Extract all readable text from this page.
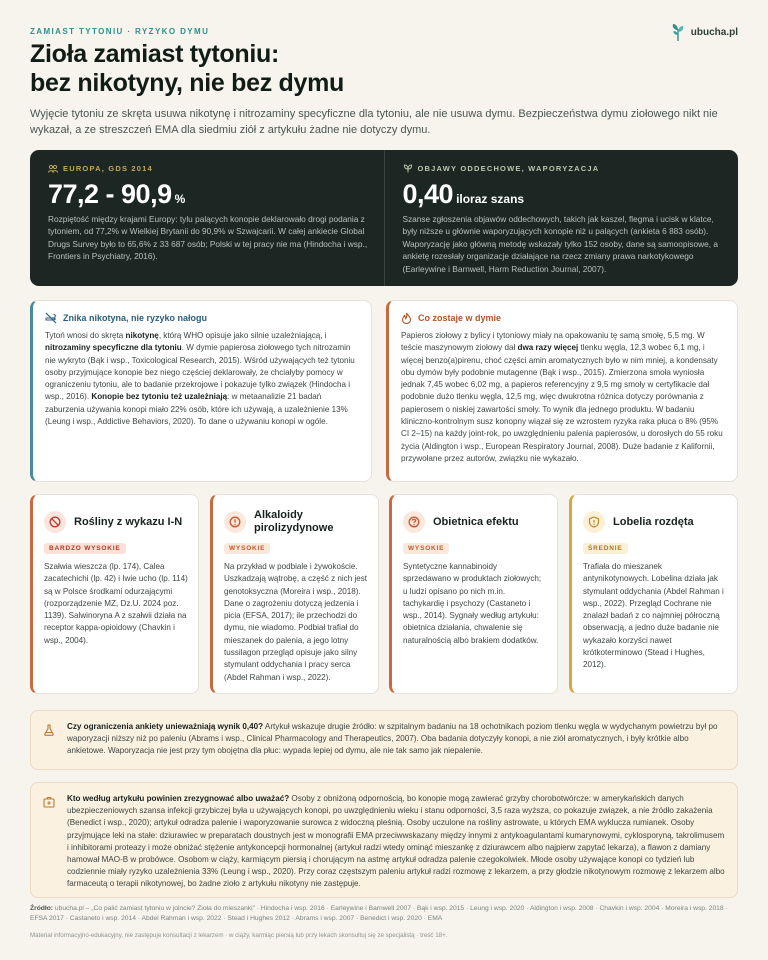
ZAMIAST TYTONIU · RYZYKO DYMU	ubucha.pl
Zioła zamiast tytoniu:
bez nikotyny, nie bez dymu

Wyjęcie tytoniu ze skręta usuwa nikotynę i nitrozaminy specyficzne dla tytoniu, ale nie usuwa dymu. Bezpieczeństwa dymu ziołowego nikt nie wykazał, a ze streszczeń EMA dla siedmiu ziół z artykułu żadne nie dotyczy dymu.

EUROPA, GDS 2014
77,2 - 90,9 %

Rozpiętość między krajami Europy: tylu palących konopie deklarowało drogi podania z tytoniem, od 77,2% w Wielkiej Brytanii do 90,9% w Szwajcarii. W całej ankiecie Global Drugs Survey było to 65,6% z 33 687 osób; Polski w tej pracy nie ma (Hindocha i wsp., Frontiers in Psychiatry, 2016).

OBJAWY ODDECHOWE, WAPORYZACJA
0,40 iloraz szans

Szanse zgłoszenia objawów oddechowych, takich jak kaszel, flegma i ucisk w klatce, były niższe u głównie waporyzujących konopie niż u palących (ankieta 6 883 osób). Waporyzację jako główną metodę wskazały tylko 152 osoby, dane są samoopisowe, a ankietę rozesłały organizacje działające na rzecz zmiany prawa narkotykowego (Earleywine i Barnwell, Harm Reduction Journal, 2007).

Znika nikotyna, nie ryzyko nałogu

Tytoń wnosi do skręta nikotynę, którą WHO opisuje jako silnie uzależniającą, i nitrozaminy specyficzne dla tytoniu. W dymie papierosa ziołowego tych nitrozamin nie wykryto (Bąk i wsp., Toxicological Research, 2015). Wśród używających też tytoniu osoby przyjmujące konopie bez niego częściej deklarowały, że chciałyby pomocy w ograniczeniu tytoniu, ale to badanie przekrojowe i pokazuje tylko związek (Hindocha i wsp., 2016). Konopie bez tytoniu też uzależniają: w metaanalizie 21 badań zaburzenia używania konopi miało 22% osób, które ich używają, a uzależnienie 13% (Leung i wsp., Addictive Behaviors, 2020). To dane o używaniu konopi w ogóle.

Co zostaje w dymie

Papieros ziołowy z bylicy i tytoniowy miały na opakowaniu tę samą smołę, 5,5 mg. W teście maszynowym ziołowy dał dwa razy więcej tlenku węgla, 12,3 wobec 6,1 mg, i więcej benzo(a)pirenu, choć części amin aromatycznych było w nim mniej, a kondensaty obu dymów były podobnie mutagenne (Bąk i wsp., 2015). Zmierzona smoła wyniosła jednak 7,45 wobec 6,02 mg, a papieros referencyjny z 9,5 mg smoły w certyfikacie dał podobnie dużo tlenku węgla, 12,5 mg, więc dwukrotna różnica dotyczy porównania z papierosem o niskiej zawartości smoły. To wynik dla jednego produktu. W badaniu kliniczno-kontrolnym susz konopny wiązał się ze wzrostem ryzyka raka płuca o 8% (95% CI 2–15) na każdy joint-rok, po uwzględnieniu palenia papierosów, u dorosłych do 55 roku życia (Aldington i wsp., European Respiratory Journal, 2008). Duże badanie z Kalifornii, przywołane przez autorów, związku nie wykazało.

Rośliny z wykazu I-N
BARDZO WYSOKIE

Szałwia wieszcza (lp. 174), Calea zacatechichi (lp. 42) i Iwie ucho (lp. 114) są w Polsce środkami odurzającymi (rozporządzenie MZ, Dz.U. 2024 poz. 1139). Salwinoryna A z szałwii działa na receptor kappa-opioidowy (Chavkin i wsp., 2004).

Alkaloidy pirolizydynowe
WYSOKIE

Na przykład w podbiale i żywokoście. Uszkadzają wątrobę, a część z nich jest genotoksyczna (Moreira i wsp., 2018). Dane o zagrożeniu dotyczą jedzenia i picia (EFSA, 2017); ile przechodzi do dymu, nie wiadomo. Podbiał trafiał do mieszanek do palenia, a jego lotny tussilagon przegląd opisuje jako silny stymulant oddychania i pracy serca (Abdel Rahman i wsp., 2022).

Obietnica efektu
WYSOKIE

Syntetyczne kannabinoidy sprzedawano w produktach ziołowych; u ludzi opisano po nich m.in. tachykardię i psychozy (Castaneto i wsp., 2014). Sygnały według artykułu: obietnica działania, chwalenie się naturalnością albo brakiem dodatków.

Lobelia rozdęta
ŚREDNIE

Trafiała do mieszanek antynikotynowych. Lobelina działa jak stymulant oddychania (Abdel Rahman i wsp., 2022). Przegląd Cochrane nie znalazł badań z co najmniej półroczną obserwacją, a jedno duże badanie nie wykazało korzyści nawet krótkoterminowo (Stead i Hughes, 2012).

Czy ograniczenia ankiety unieważniają wynik 0,40? Artykuł wskazuje drugie źródło: w szpitalnym badaniu na 18 ochotnikach poziom tlenku węgla w wydychanym powietrzu był po waporyzacji niższy niż po paleniu (Abrams i wsp., Clinical Pharmacology and Therapeutics, 2007). Oba badania dotyczyły konopi, a nie ziół aromatycznych, i były krótkie albo ankietowe. Waporyzacja nie jest przy tym obojętna dla płuc: wypada lepiej od dymu, ale nie tak samo jak niepalenie.

Kto według artykułu powinien zrezygnować albo uważać? Osoby z obniżoną odpornością, bo konopie mogą zawierać grzyby chorobotwórcze: w amerykańskich danych ubezpieczeniowych szansa infekcji grzybiczej była u używających konopi, po uwzględnieniu wieku i stanu odporności, 3,5 raza wyższa, co pokazuje związek, a nie źródło zakażenia (Benedict i wsp., 2020); artykuł odradza palenie i waporyzowanie surowca z widoczną pleśnią. Osoby uczulone na rośliny astrowate, u których EMA wyklucza rumianek. Osoby przyjmujące leki na stałe: dziurawiec w preparatach doustnych jest w monografii EMA przeciwwskazany między innymi z antykoagulantami kumarynowymi, cyklosporyną, takrolimusem i inhibitorami proteazy i może obniżać stężenie antykoncepcji hormonalnej (artykuł radzi wtedy ominąć mieszankę z dziurawcem albo najpierw zapytać lekarza), a flawon z damiany hamował MAO-B w probówce. Osobom w ciąży, karmiącym piersią i chorującym na astmę artykuł odradza palenie czegokolwiek. Młode osoby używające konopi co tydzień lub codziennie miały ryzyko uzależnienia 33% (Leung i wsp., 2020). Przy coraz częstszym paleniu artykuł radzi rozmowę z lekarzem, a przy głodzie nikotynowym rozmowę z lekarzem albo farmaceutą o terapii nikotynowej, bo żadne zioło z artykułu nikotyny nie zastępuje.

Źródło: ubucha.pl – „Co palić zamiast tytoniu w joincie? Zioła do mieszanki” · Hindocha i wsp. 2016 · Earleywine i Barnwell 2007 · Bąk i wsp. 2015 · Leung i wsp. 2020 · Aldington i wsp. 2008 · Chavkin i wsp. 2004 · Moreira i wsp. 2018 · EFSA 2017 · Castaneto i wsp. 2014 · Abdel Rahman i wsp. 2022 · Stead i Hughes 2012 · Abrams i wsp. 2007 · Benedict i wsp. 2020 · EMA
Materiał informacyjno-edukacyjny, nie zastępuje konsultacji z lekarzem · w ciąży, karmiąc piersią lub przy lekach skonsultuj się ze specjalistą · treść 18+.
